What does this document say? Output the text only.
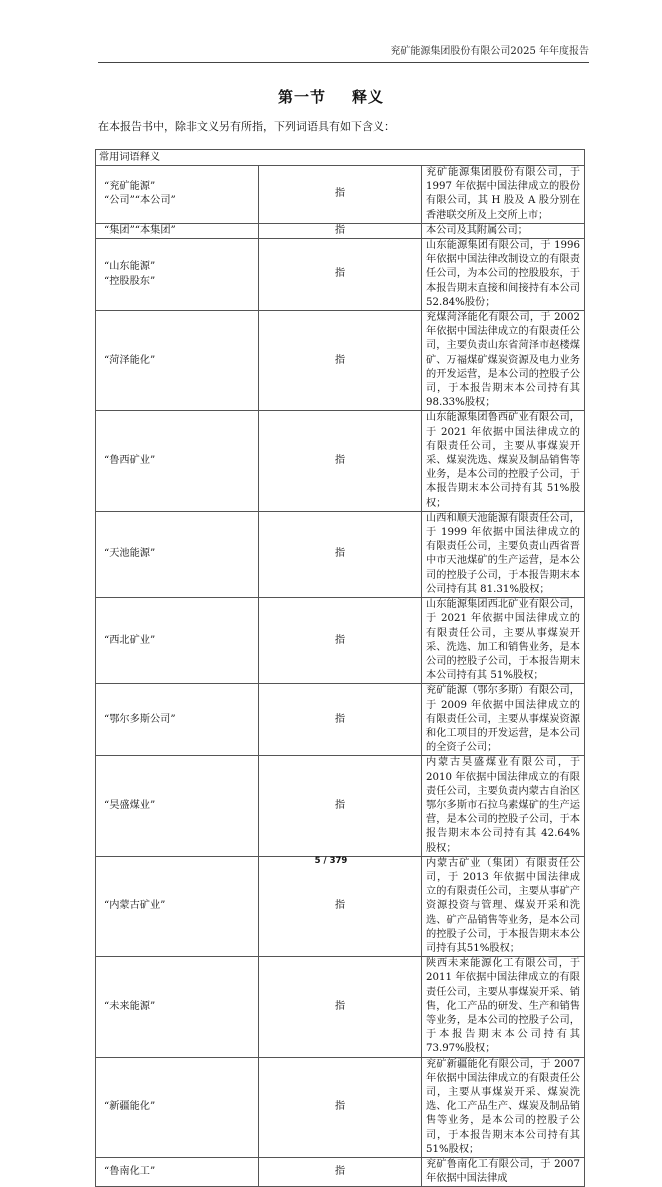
兖矿能源集团股份有限公司2025 年年度报告
第一节 释义
在本报告书中，除非文义另有所指，下列词语具有如下含义：
常用词语释义		

“兖矿能源”
“公司”“本公司”	指	兖矿能源集团股份有限公司，于 1997 年依据中国法律成立的股份有限公司，其 H 股及 A 股分别在香港联交所及上交所上市；

“集团”“本集团”	指	本公司及其附属公司；

“山东能源”
“控股股东”	指	山东能源集团有限公司，于 1996 年依据中国法律改制设立的有限责任公司，为本公司的控股股东，于本报告期末直接和间接持有本公司 52.84%股份；

“菏泽能化”	指	兖煤菏泽能化有限公司，于 2002 年依据中国法律成立的有限责任公司，主要负责山东省菏泽市赵楼煤矿、万福煤矿煤炭资源及电力业务的开发运营，是本公司的控股子公司，于本报告期末本公司持有其98.33%股权；

“鲁西矿业”	指	山东能源集团鲁西矿业有限公司，于 2021 年依据中国法律成立的有限责任公司，主要从事煤炭开采、煤炭洗选、煤炭及制品销售等业务，是本公司的控股子公司，于本报告期末本公司持有其 51%股权；

“天池能源”	指	山西和顺天池能源有限责任公司，于 1999 年依据中国法律成立的有限责任公司，主要负责山西省晋中市天池煤矿的生产运营，是本公司的控股子公司，于本报告期末本公司持有其 81.31%股权；

“西北矿业”	指	山东能源集团西北矿业有限公司，于 2021 年依据中国法律成立的有限责任公司，主要从事煤炭开采、洗选、加工和销售业务，是本公司的控股子公司，于本报告期末本公司持有其 51%股权；

“鄂尔多斯公司”	指	兖矿能源（鄂尔多斯）有限公司，于 2009 年依据中国法律成立的有限责任公司，主要从事煤炭资源和化工项目的开发运营，是本公司的全资子公司；

“昊盛煤业”	指	内蒙古昊盛煤业有限公司，于 2010 年依据中国法律成立的有限责任公司，主要负责内蒙古自治区鄂尔多斯市石拉乌素煤矿的生产运营，是本公司的控股子公司，于本报告期末本公司持有其 42.64%股权；

“内蒙古矿业”	指	内蒙古矿业（集团）有限责任公司，于 2013 年依据中国法律成立的有限责任公司，主要从事矿产资源投资与管理、煤炭开采和洗选、矿产品销售等业务，是本公司的控股子公司，于本报告期末本公司持有其51%股权；

“未来能源”	指	陕西未来能源化工有限公司，于 2011 年依据中国法律成立的有限责任公司，主要从事煤炭开采、销售，化工产品的研发、生产和销售等业务，是本公司的控股子公司，于本报告期末本公司持有其 73.97%股权；

“新疆能化”	指	兖矿新疆能化有限公司，于 2007 年依据中国法律成立的有限责任公司，主要从事煤炭开采、煤炭洗选、化工产品生产、煤炭及制品销售等业务，是本公司的控股子公司，于本报告期末本公司持有其 51%股权；

“鲁南化工”	指	兖矿鲁南化工有限公司，于 2007 年依据中国法律成
5 / 379
